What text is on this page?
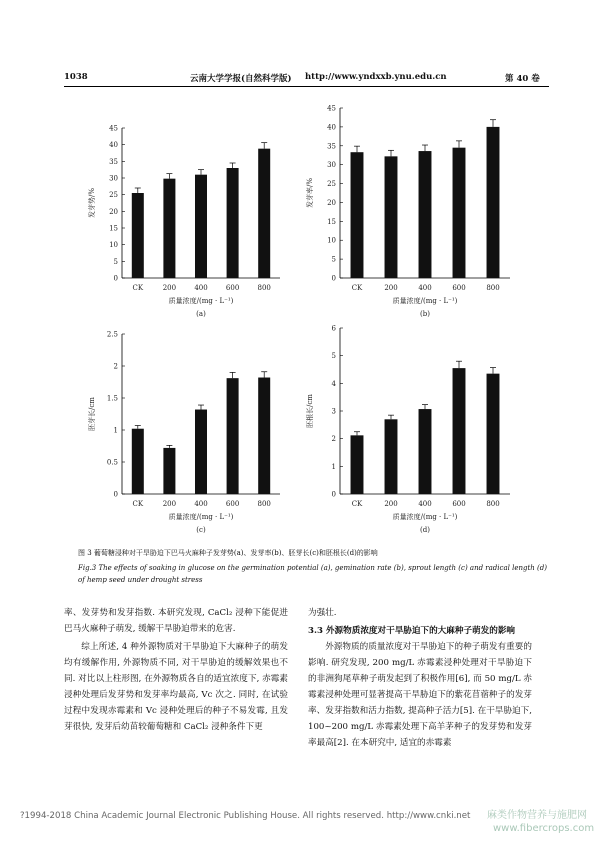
1038	云南大学学报(自然科学版) http://www.yndxxb.ynu.edu.cn	第 40 卷
0
5
10
15
20
25
30
35
40
45
CK	200	400	600	800
质量浓度/(mg · L⁻¹)
发芽势/%
(a)
0
5
10
15
20
25
30
35
40
45
CK	200	400	600	800
质量浓度/(mg · L⁻¹)
发芽率/%
(b)
0
0.5
1
1.5
2
2.5
CK	200	400	600	800
质量浓度/(mg · L⁻¹)
胚芽长/cm
(c)
0
1
2
3
4
5
6
CK	200	400	600	800
质量浓度/(mg · L⁻¹)
胚根长/cm
(d)
图 3 葡萄糖浸种对干旱胁迫下巴马火麻种子发芽势(a)、发芽率(b)、胚芽长(c)和胚根长(d)的影响
Fig.3 The effects of soaking in glucose on the germination potential (a), gemination rate (b), sprout length (c) and radical length (d) of hemp seed under drought stress

率、发芽势和发芽指数. 本研究发现, CaCl₂ 浸种下能促进巴马火麻种子萌发, 缓解干旱胁迫带来的危害.

综上所述, 4 种外源物质对干旱胁迫下大麻种子的萌发均有缓解作用, 外源物质不同, 对干旱胁迫的缓解效果也不同. 对比以上柱形图, 在外源物质各自的适宜浓度下, 赤霉素浸种处理后发芽势和发芽率均最高, Vc 次之. 同时, 在试验过程中发现赤霉素和 Vc 浸种处理后的种子不易发霉, 且发芽很快, 发芽后幼苗较葡萄糖和 CaCl₂ 浸种条件下更

为强壮.

3.3 外源物质浓度对干旱胁迫下的大麻种子萌发的影响

外源物质的质量浓度对干旱胁迫下的种子萌发有重要的影响. 研究发现, 200 mg/L 赤霉素浸种处理对干旱胁迫下的非洲狗尾草种子萌发起到了积极作用[6], 而 50 mg/L 赤霉素浸种处理可显著提高干旱胁迫下的紫花苜蓿种子的发芽率、发芽指数和活力指数, 提高种子活力[5]. 在干旱胁迫下, 100~200 mg/L 赤霉素处理下高羊茅种子的发芽势和发芽率最高[2]. 在本研究中, 适宜的赤霉素

?1994-2018 China Academic Journal Electronic Publishing House. All rights reserved. http://www.cnki.net 麻类作物营养与施肥网
www.fibercrops.com
